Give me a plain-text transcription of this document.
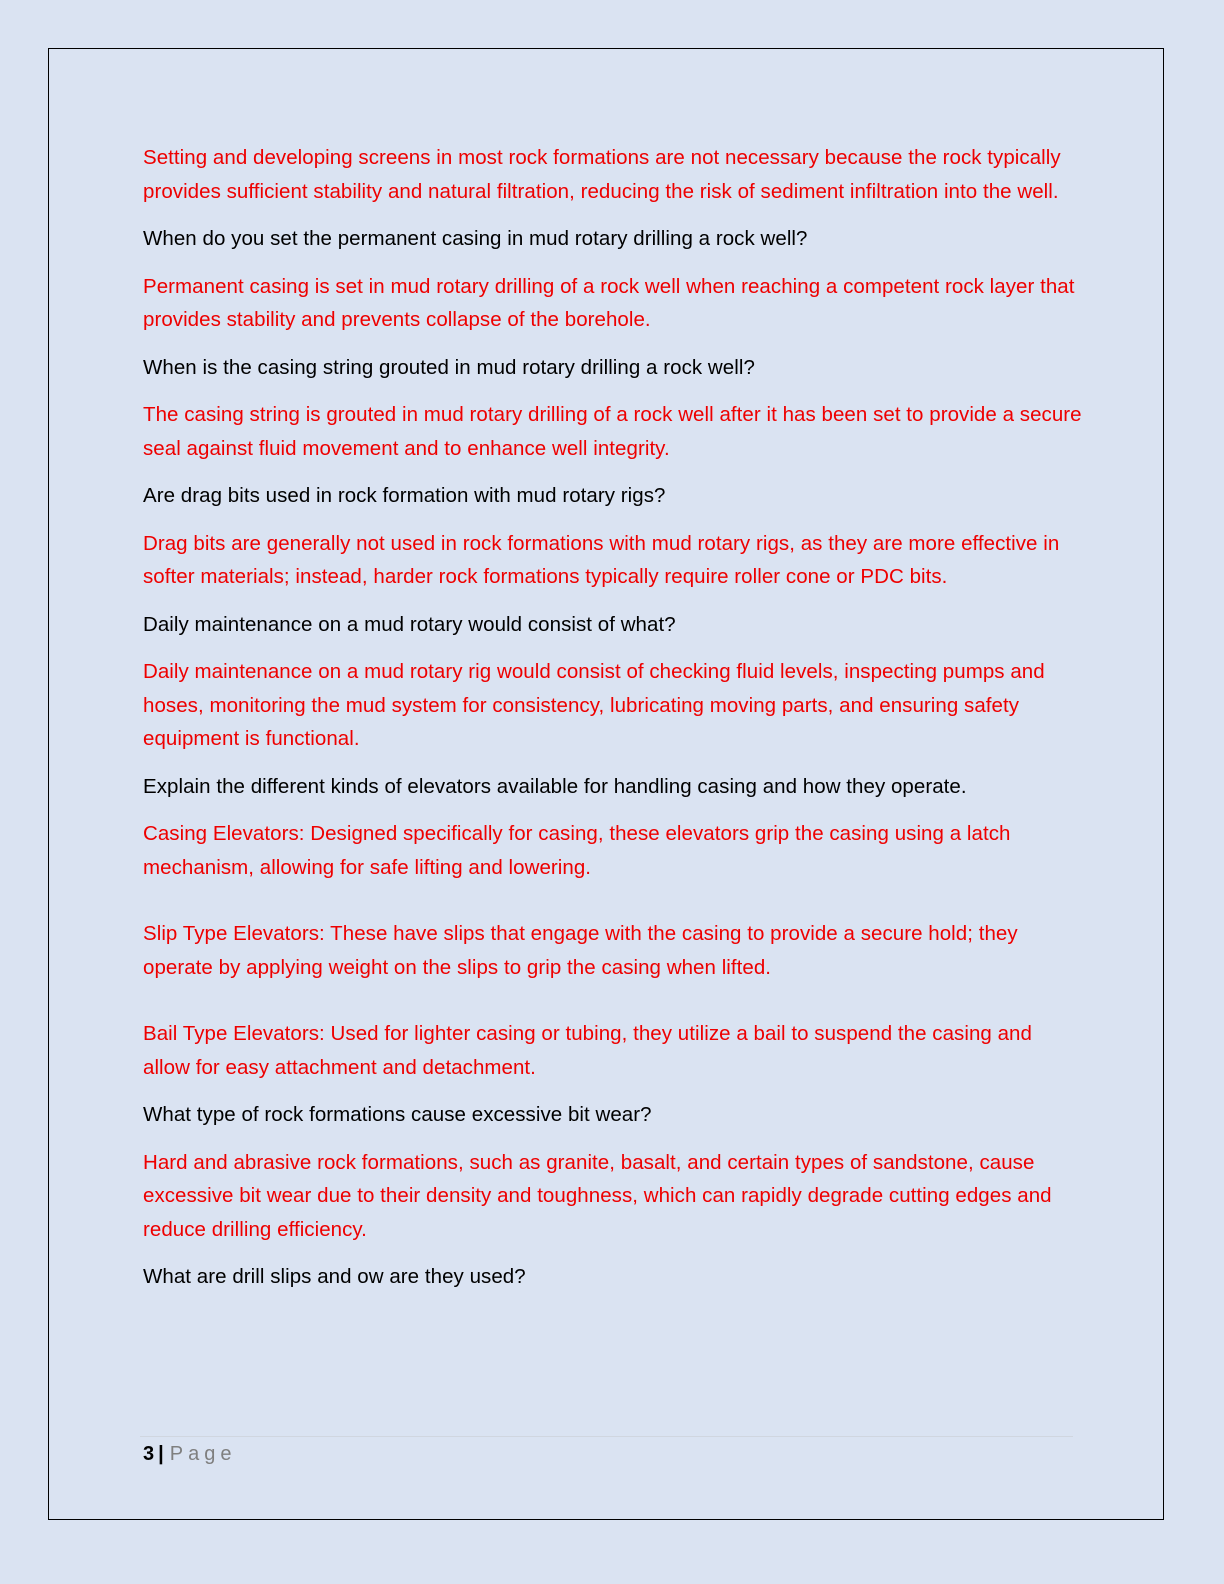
Setting and developing screens in most rock formations are not necessary because the rock typically provides sufficient stability and natural filtration, reducing the risk of sediment infiltration into the well.

When do you set the permanent casing in mud rotary drilling a rock well?

Permanent casing is set in mud rotary drilling of a rock well when reaching a competent rock layer that provides stability and prevents collapse of the borehole.

When is the casing string grouted in mud rotary drilling a rock well?

The casing string is grouted in mud rotary drilling of a rock well after it has been set to provide a secure seal against fluid movement and to enhance well integrity.

Are drag bits used in rock formation with mud rotary rigs?

Drag bits are generally not used in rock formations with mud rotary rigs, as they are more effective in softer materials; instead, harder rock formations typically require roller cone or PDC bits.

Daily maintenance on a mud rotary would consist of what?

Daily maintenance on a mud rotary rig would consist of checking fluid levels, inspecting pumps and hoses, monitoring the mud system for consistency, lubricating moving parts, and ensuring safety equipment is functional.

Explain the different kinds of elevators available for handling casing and how they operate.

Casing Elevators: Designed specifically for casing, these elevators grip the casing using a latch mechanism, allowing for safe lifting and lowering.

Slip Type Elevators: These have slips that engage with the casing to provide a secure hold; they operate by applying weight on the slips to grip the casing when lifted.

Bail Type Elevators: Used for lighter casing or tubing, they utilize a bail to suspend the casing and allow for easy attachment and detachment.

What type of rock formations cause excessive bit wear?

Hard and abrasive rock formations, such as granite, basalt, and certain types of sandstone, cause excessive bit wear due to their density and toughness, which can rapidly degrade cutting edges and reduce drilling efficiency.

What are drill slips and ow are they used?

3 | Page
